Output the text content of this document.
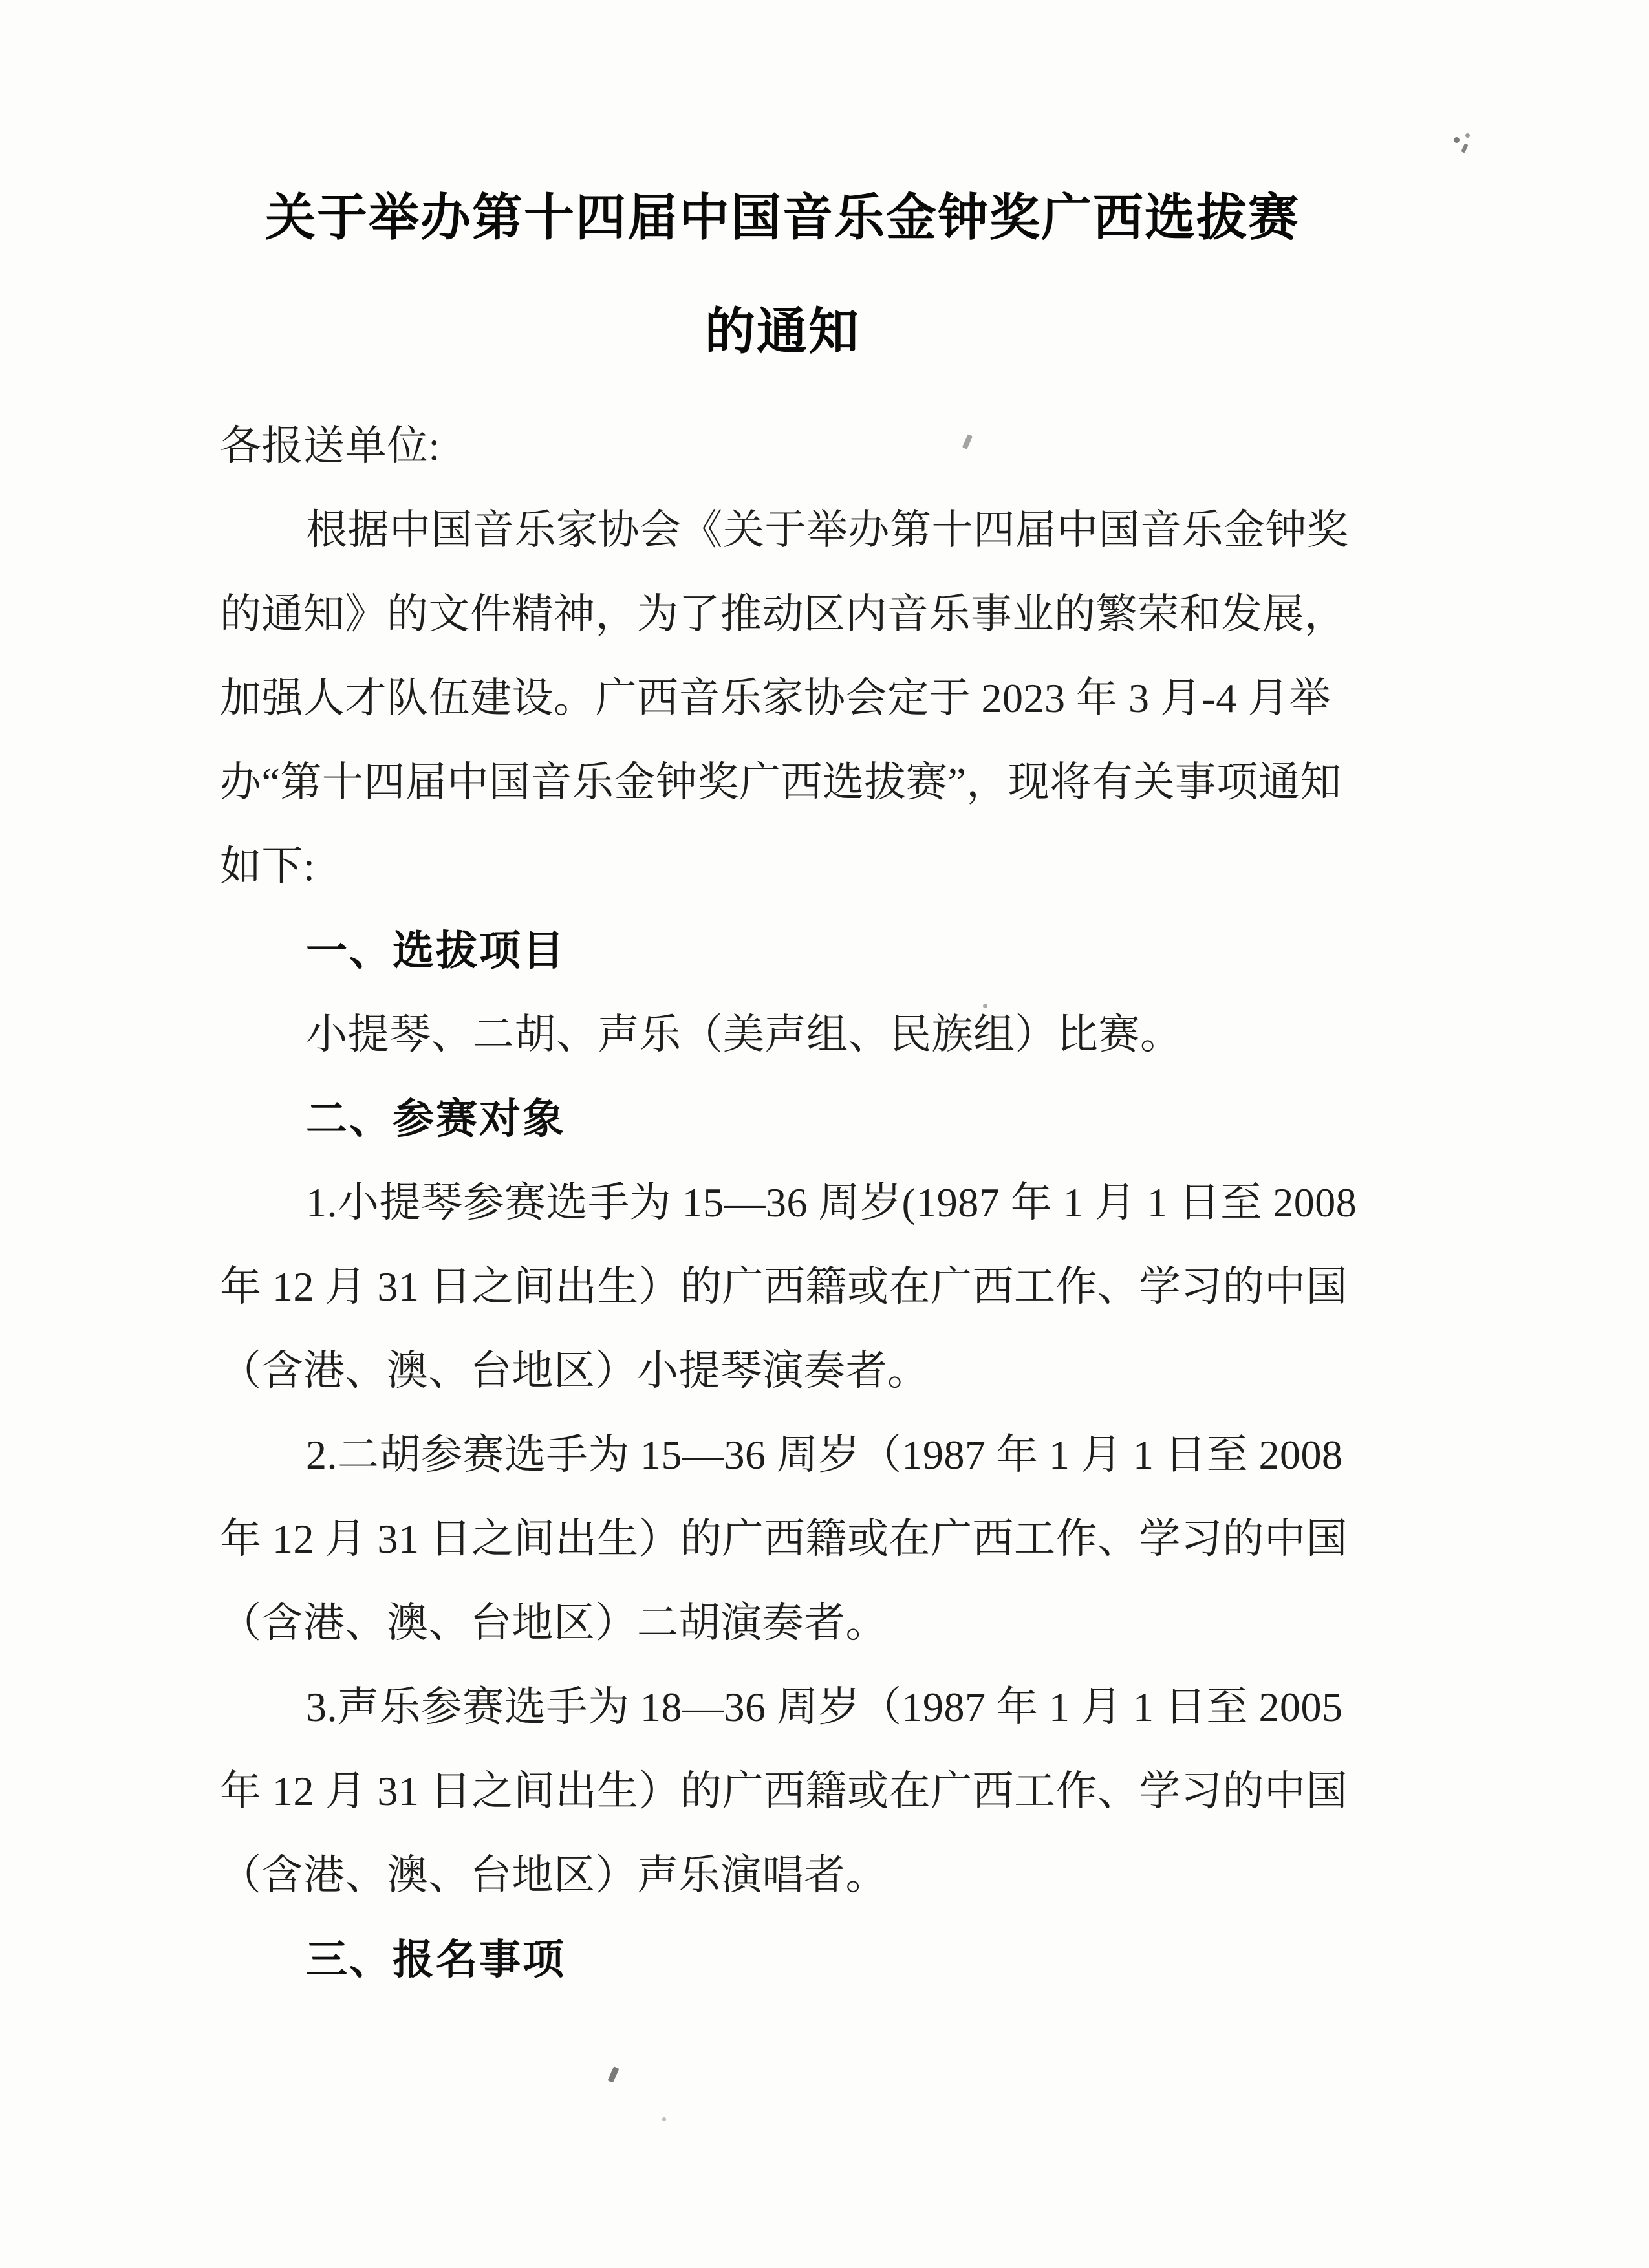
关于举办第十四届中国音乐金钟奖广西选拔赛
的通知
各报送单位:
根据中国音乐家协会《关于举办第十四届中国音乐金钟奖
的通知》的文件精神，为了推动区内音乐事业的繁荣和发展，
加强人才队伍建设。广西音乐家协会定于 2023 年 3 月-4 月举
办“第十四届中国音乐金钟奖广西选拔赛”，现将有关事项通知
如下:
一、选拔项目
小提琴、二胡、声乐（美声组、民族组）比赛。
二、参赛对象
1.小提琴参赛选手为 15—36 周岁(1987 年 1 月 1 日至 2008
年 12 月 31 日之间出生）的广西籍或在广西工作、学习的中国
（含港、澳、台地区）小提琴演奏者。
2.二胡参赛选手为 15—36 周岁（1987 年 1 月 1 日至 2008
年 12 月 31 日之间出生）的广西籍或在广西工作、学习的中国
（含港、澳、台地区）二胡演奏者。
3.声乐参赛选手为 18—36 周岁（1987 年 1 月 1 日至 2005
年 12 月 31 日之间出生）的广西籍或在广西工作、学习的中国
（含港、澳、台地区）声乐演唱者。
三、报名事项
